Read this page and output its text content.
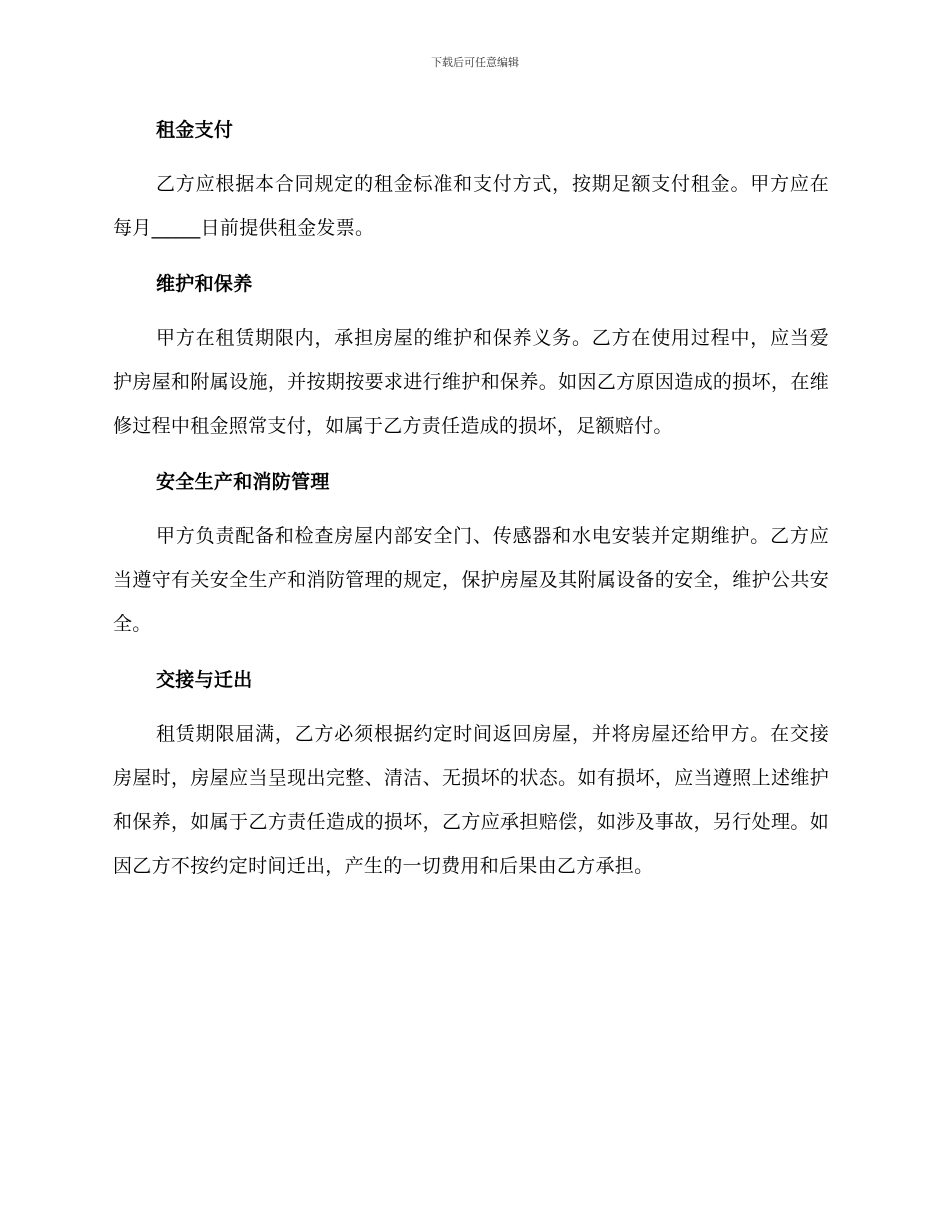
下载后可任意编辑
租金支付

乙方应根据本合同规定的租金标准和支付方式，按期足额支付租金。甲方应在每月_____日前提供租金发票。

维护和保养

甲方在租赁期限内，承担房屋的维护和保养义务。乙方在使用过程中，应当爱护房屋和附属设施，并按期按要求进行维护和保养。如因乙方原因造成的损坏，在维修过程中租金照常支付，如属于乙方责任造成的损坏，足额赔付。

安全生产和消防管理

甲方负责配备和检查房屋内部安全门、传感器和水电安装并定期维护。乙方应当遵守有关安全生产和消防管理的规定，保护房屋及其附属设备的安全，维护公共安全。

交接与迁出

租赁期限届满，乙方必须根据约定时间返回房屋，并将房屋还给甲方。在交接房屋时，房屋应当呈现出完整、清洁、无损坏的状态。如有损坏，应当遵照上述维护和保养，如属于乙方责任造成的损坏，乙方应承担赔偿，如涉及事故，另行处理。如因乙方不按约定时间迁出，产生的一切费用和后果由乙方承担。
